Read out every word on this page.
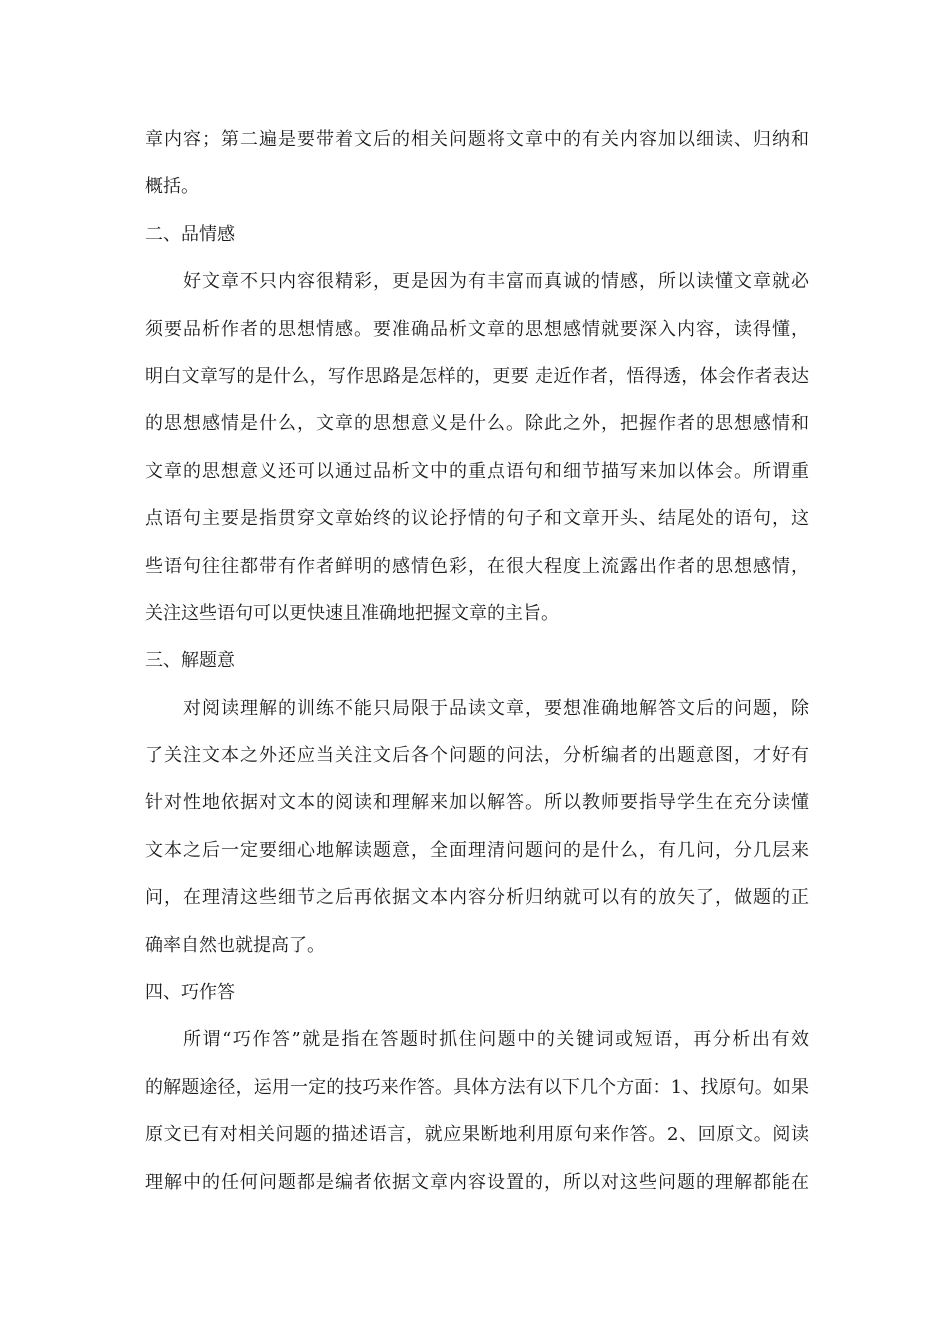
章内容；第二遍是要带着文后的相关问题将文章中的有关内容加以细读、归纳和
概括。
二、品情感
好文章不只内容很精彩，更是因为有丰富而真诚的情感，所以读懂文章就必
须要品析作者的思想情感。要准确品析文章的思想感情就要深入内容，读得懂，
明白文章写的是什么，写作思路是怎样的，更要 走近作者，悟得透，体会作者表达
的思想感情是什么，文章的思想意义是什么。除此之外，把握作者的思想感情和
文章的思想意义还可以通过品析文中的重点语句和细节描写来加以体会。所谓重
点语句主要是指贯穿文章始终的议论抒情的句子和文章开头、结尾处的语句，这
些语句往往都带有作者鲜明的感情色彩，在很大程度上流露出作者的思想感情，
关注这些语句可以更快速且准确地把握文章的主旨。
三、解题意
对阅读理解的训练不能只局限于品读文章，要想准确地解答文后的问题，除
了关注文本之外还应当关注文后各个问题的问法，分析编者的出题意图，才好有
针对性地依据对文本的阅读和理解来加以解答。所以教师要指导学生在充分读懂
文本之后一定要细心地解读题意，全面理清问题问的是什么，有几问，分几层来
问，在理清这些细节之后再依据文本内容分析归纳就可以有的放矢了，做题的正
确率自然也就提高了。
四、巧作答
所谓“巧作答”就是指在答题时抓住问题中的关键词或短语，再分析出有效
的解题途径，运用一定的技巧来作答。具体方法有以下几个方面：1、找原句。如果
原文已有对相关问题的描述语言，就应果断地利用原句来作答。2、回原文。阅读
理解中的任何问题都是编者依据文章内容设置的，所以对这些问题的理解都能在
